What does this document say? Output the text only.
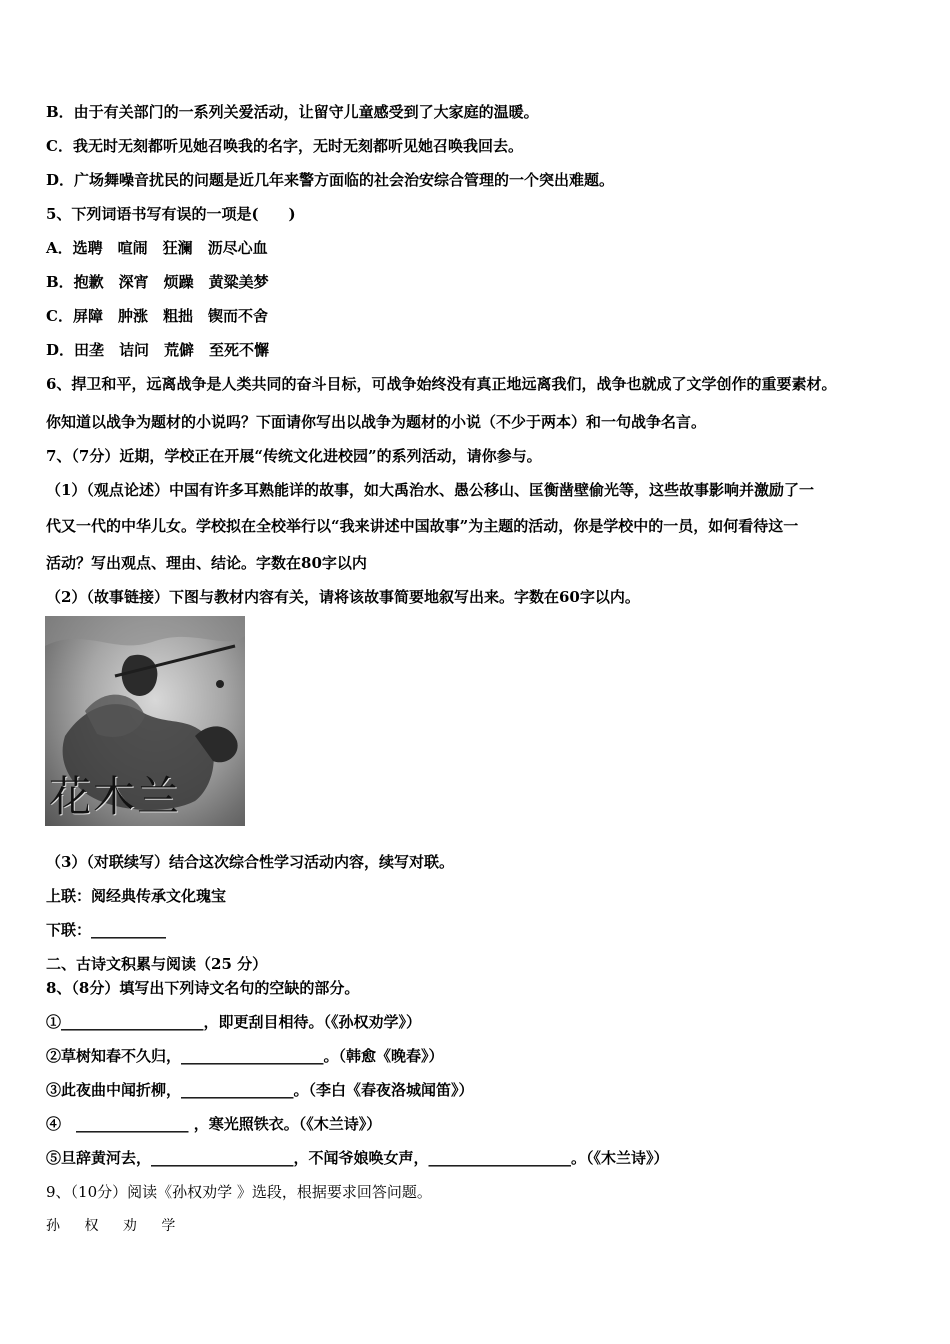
B．由于有关部门的一系列关爱活动，让留守儿童感受到了大家庭的温暖。
C．我无时无刻都听见她召唤我的名字，无时无刻都听见她召唤我回去。
D．广场舞噪音扰民的问题是近几年来警方面临的社会治安综合管理的一个突出难题。
5、下列词语书写有误的一项是(　　)
A．选聘　喧闹　狂澜　沥尽心血
B．抱歉　深宵　烦躁　黄粱美梦
C．屏障　肿涨　粗拙　锲而不舍
D．田垄　诘问　荒僻　至死不懈
6、捍卫和平，远离战争是人类共同的奋斗目标，可战争始终没有真正地远离我们，战争也就成了文学创作的重要素材。
你知道以战争为题材的小说吗？下面请你写出以战争为题材的小说（不少于两本）和一句战争名言。
7、（7分）近期，学校正在开展“传统文化进校园”的系列活动，请你参与。
（1）（观点论述）中国有许多耳熟能详的故事，如大禹治水、愚公移山、匡衡凿壁偷光等，这些故事影响并激励了一
代又一代的中华儿女。学校拟在全校举行以“我来讲述中国故事”为主题的活动，你是学校中的一员，如何看待这一
活动？写出观点、理由、结论。字数在80字以内
（2）（故事链接）下图与教材内容有关，请将该故事简要地叙写出来。字数在60字以内。
花木兰
（3）（对联续写）结合这次综合性学习活动内容，续写对联。
上联：阅经典传承文化瑰宝
下联：__________
二、古诗文积累与阅读（25 分）
8、（8分）填写出下列诗文名句的空缺的部分。
①___________________，即更刮目相待。（《孙权劝学》）
②草树知春不久归，___________________。（韩愈《晚春》）
③此夜曲中闻折柳，_______________。（李白《春夜洛城闻笛》）
④　_______________ ，寒光照铁衣。（《木兰诗》）
⑤旦辞黄河去，___________________，不闻爷娘唤女声，___________________。（《木兰诗》）
9、（10分）阅读《孙权劝学 》选段，根据要求回答问题。
孙 权 劝 学
